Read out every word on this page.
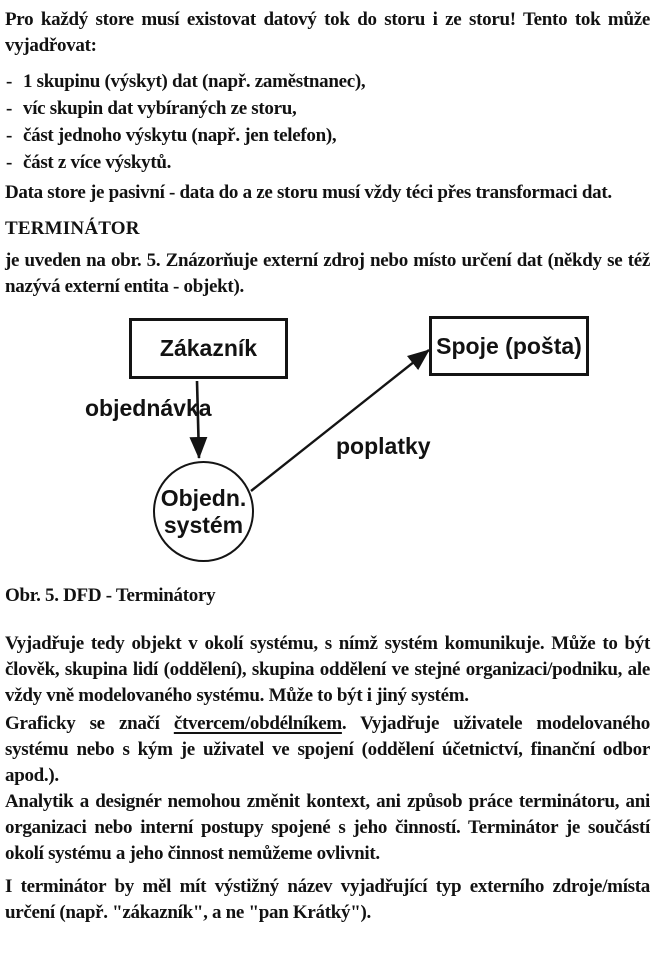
Pro každý store musí existovat datový tok do storu i ze storu! Tento tok může vyjadřovat:

- 1 skupinu (výskyt) dat (např. zaměstnanec),
- víc skupin dat vybíraných ze storu,
- část jednoho výskytu (např. jen telefon),
- část z více výskytů.

Data store je pasivní - data do a ze storu musí vždy téci přes transformaci dat.

TERMINÁTOR

je uveden na obr. 5. Znázorňuje externí zdroj nebo místo určení dat (někdy se též nazývá externí entita - objekt).

Zákazník	Spoje (pošta)
Objedn.
systém
objednávka
poplatky

Obr. 5. DFD - Terminátory

Vyjadřuje tedy objekt v okolí systému, s nímž systém komunikuje. Může to být člověk, skupina lidí (oddělení), skupina oddělení ve stejné organizaci/podniku, ale vždy vně modelovaného systému. Může to být i jiný systém.

Graficky se značí čtvercem/obdélníkem. Vyjadřuje uživatele modelovaného systému nebo s kým je uživatel ve spojení (oddělení účetnictví, finanční odbor apod.).

Analytik a designér nemohou změnit kontext, ani způsob práce terminátoru, ani organizaci nebo interní postupy spojené s jeho činností. Terminátor je součástí okolí systému a jeho činnost nemůžeme ovlivnit.

I terminátor by měl mít výstižný název vyjadřující typ externího zdroje/místa určení (např. "zákazník", a ne "pan Krátký").
